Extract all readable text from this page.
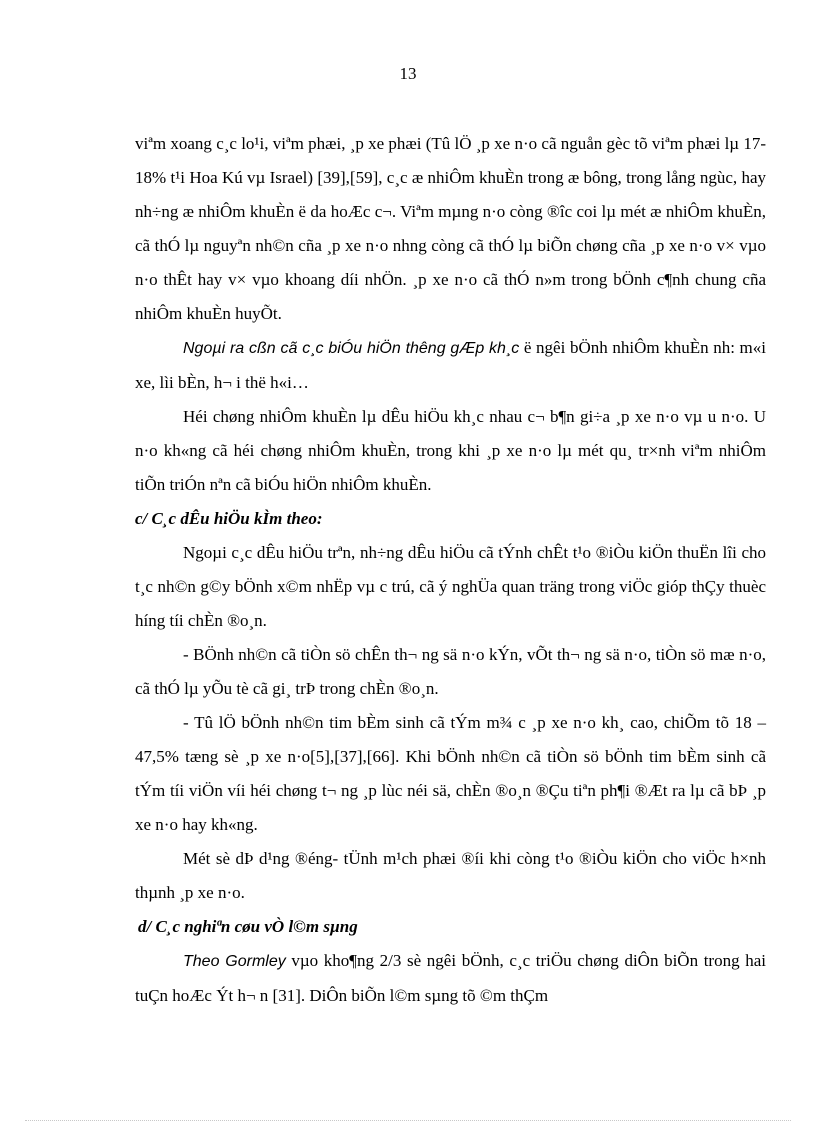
13

viªm xoang c¸c lo¹i, viªm phæi, ¸p xe phæi (Tû lÖ ¸p xe n·o cã nguån gèc tõ viªm phæi lµ 17- 18% t¹i Hoa Kú vµ Israel) [39],[59], c¸c æ nhiÔm khuÈn trong æ bông, trong lång ngùc, hay nh÷ng æ nhiÔm khuÈn ë da hoÆc c¬. Viªm mµng n·o còng ®îc coi lµ mét æ nhiÔm khuÈn, cã thÓ lµ nguyªn nh©n cña ¸p xe n·o nhng còng cã thÓ lµ biÕn chøng cña ¸p xe n·o v× vµo n·o thÊt hay v× vµo khoang díi nhÖn. ¸p xe n·o cã thÓ n»m trong bÖnh c¶nh chung cña nhiÔm khuÈn huyÕt.

Ngoµi ra cßn cã c¸c biÓu hiÖn thêng gÆp kh¸c ë ngêi bÖnh nhiÔm khuÈn nh: m«i xe, lìi bÈn, h¬ i thë h«i…

Héi chøng nhiÔm khuÈn lµ dÊu hiÖu kh¸c nhau c¬ b¶n gi÷a ¸p xe n·o vµ u n·o. U n·o kh«ng cã héi chøng nhiÔm khuÈn, trong khi ¸p xe n·o lµ mét qu¸ tr×nh viªm nhiÔm tiÕn triÓn nªn cã biÓu hiÖn nhiÔm khuÈn.

c/ C¸c dÊu hiÖu kÌm theo:

Ngoµi c¸c dÊu hiÖu trªn, nh÷ng dÊu hiÖu cã tÝnh chÊt t¹o ®iÒu kiÖn thuËn lîi cho t¸c nh©n g©y bÖnh x©m nhËp vµ c trú, cã ý nghÜa quan träng trong viÖc gióp thÇy thuèc híng tíi chÈn ®o¸n.

- BÖnh nh©n cã tiÒn sö chÊn th¬ ng sä n·o kÝn, vÕt th¬ ng sä n·o, tiÒn sö mæ n·o, cã thÓ lµ yÕu tè cã gi¸ trÞ trong chÈn ®o¸n.

- Tû lÖ bÖnh nh©n tim bÈm sinh cã tÝm m¾ c ¸p xe n·o kh¸ cao, chiÕm tõ 18 – 47,5% tæng sè ¸p xe n·o[5],[37],[66]. Khi bÖnh nh©n cã tiÒn sö bÖnh tim bÈm sinh cã tÝm tíi viÖn víi héi chøng t¬ ng ¸p lùc néi sä, chÈn ®o¸n ®Çu tiªn ph¶i ®Æt ra lµ cã bÞ ¸p xe n·o hay kh«ng.

Mét sè dÞ d¹ng ®éng- tÜnh m¹ch phæi ®íi khi còng t¹o ®iÒu kiÖn cho viÖc h×nh thµnh ¸p xe n·o.

d/ C¸c nghiªn cøu vÒ l©m sµng

Theo Gormley vµo kho¶ng 2/3 sè ngêi bÖnh, c¸c triÖu chøng diÔn biÕn trong hai tuÇn hoÆc Ýt h¬ n [31]. DiÔn biÕn l©m sµng tõ ©m thÇm
